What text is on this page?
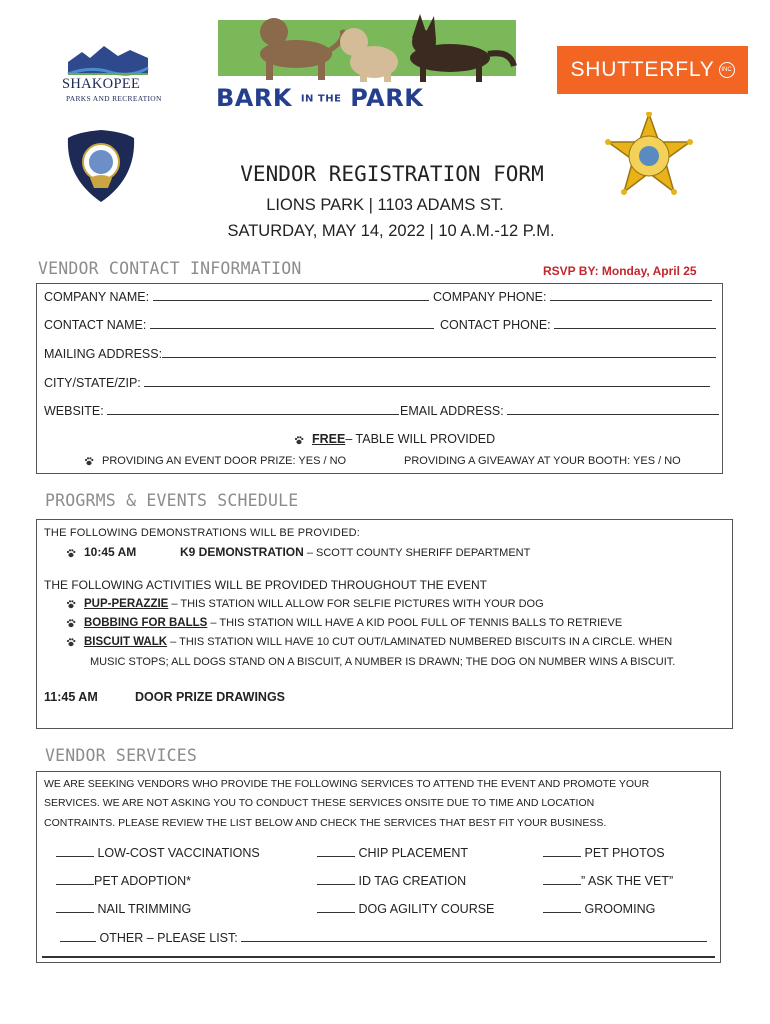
SHAKOPEE
PARKS AND RECREATION BARK IN THE PARK
SHUTTERFLY	INC
VENDOR REGISTRATION FORM
LIONS PARK | 1103 ADAMS ST.
SATURDAY, MAY 14, 2022 | 10 A.M.-12 P.M.
VENDOR CONTACT INFORMATION	RSVP BY: Monday, April 25
COMPANY NAME:	COMPANY PHONE:
CONTACT NAME:	CONTACT PHONE:
MAILING ADDRESS:
CITY/STATE/ZIP:
WEBSITE:	EMAIL ADDRESS:
FREE– TABLE WILL PROVIDED
PROVIDING AN EVENT DOOR PRIZE: YES / NO	PROVIDING A GIVEAWAY AT YOUR BOOTH: YES / NO
PROGRMS & EVENTS SCHEDULE
THE FOLLOWING DEMONSTRATIONS WILL BE PROVIDED:
10:45 AM	K9 DEMONSTRATION – SCOTT COUNTY SHERIFF DEPARTMENT
THE FOLLOWING ACTIVITIES WILL BE PROVIDED THROUGHOUT THE EVENT
PUP-PERAZZIE – THIS STATION WILL ALLOW FOR SELFIE PICTURES WITH YOUR DOG
BOBBING FOR BALLS – THIS STATION WILL HAVE A KID POOL FULL OF TENNIS BALLS TO RETRIEVE
BISCUIT WALK – THIS STATION WILL HAVE 10 CUT OUT/LAMINATED NUMBERED BISCUITS IN A CIRCLE. WHEN
MUSIC STOPS; ALL DOGS STAND ON A BISCUIT, A NUMBER IS DRAWN; THE DOG ON NUMBER WINS A BISCUIT.
11:45 AM	DOOR PRIZE DRAWINGS
VENDOR SERVICES
WE ARE SEEKING VENDORS WHO PROVIDE THE FOLLOWING SERVICES TO ATTEND THE EVENT AND PROMOTE YOUR
SERVICES. WE ARE NOT ASKING YOU TO CONDUCT THESE SERVICES ONSITE DUE TO TIME AND LOCATION
CONTRAINTS. PLEASE REVIEW THE LIST BELOW AND CHECK THE SERVICES THAT BEST FIT YOUR BUSINESS.
LOW-COST VACCINATIONS	CHIP PLACEMENT	PET PHOTOS
PET ADOPTION*	ID TAG CREATION	” ASK THE VET”
NAIL TRIMMING	DOG AGILITY COURSE	GROOMING
OTHER – PLEASE LIST:
